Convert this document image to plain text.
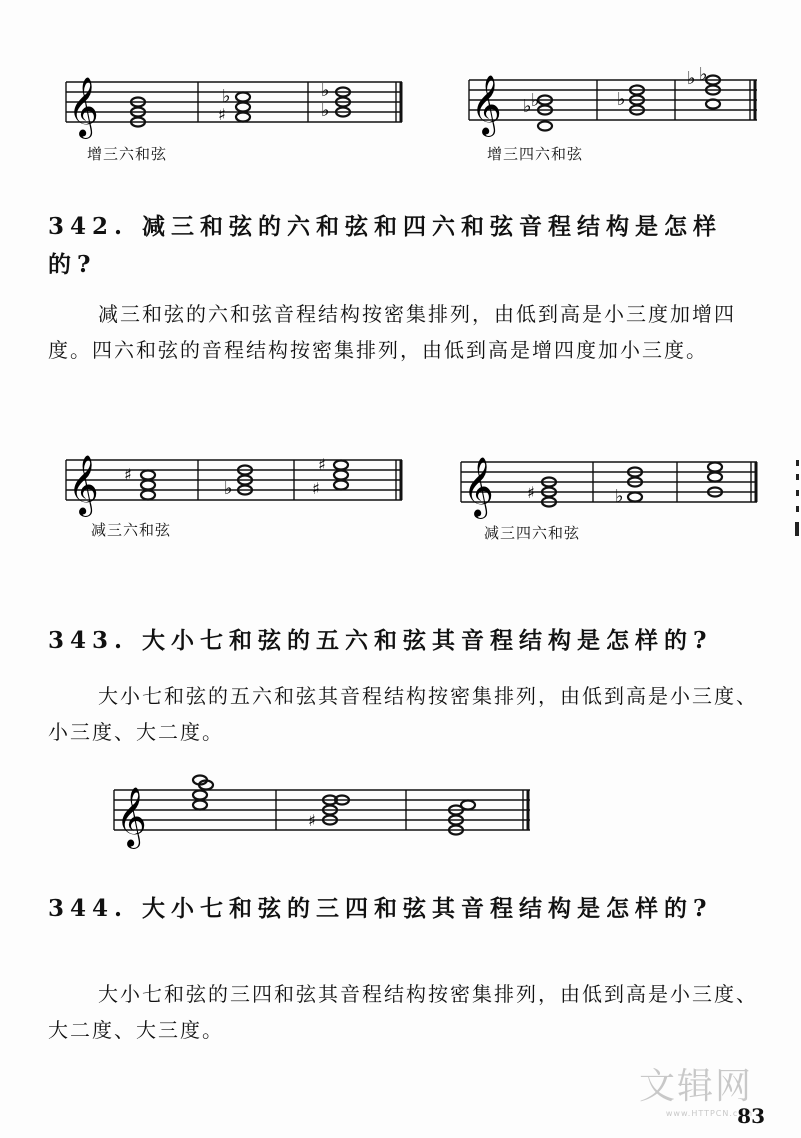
𝄞	♭
♯	♭
♭
增三六和弦
𝄞 ♭ ♭	♭
♭ ♭
增三四六和弦
342. 减三和弦的六和弦和四六和弦音程结构是怎样的?
减三和弦的六和弦音程结构按密集排列，由低到高是小三度加增四度。四六和弦的音程结构按密集排列，由低到高是增四度加小三度。
𝄞 ♯
♭
♯
♯
减三六和弦
𝄞 ♯	♭
减三四六和弦
343. 大小七和弦的五六和弦其音程结构是怎样的?
大小七和弦的五六和弦其音程结构按密集排列，由低到高是小三度、小三度、大二度。
𝄞	♯
344. 大小七和弦的三四和弦其音程结构是怎样的?
大小七和弦的三四和弦其音程结构按密集排列，由低到高是小三度、大二度、大三度。
文辑网
www.HTTPCN.com
83
